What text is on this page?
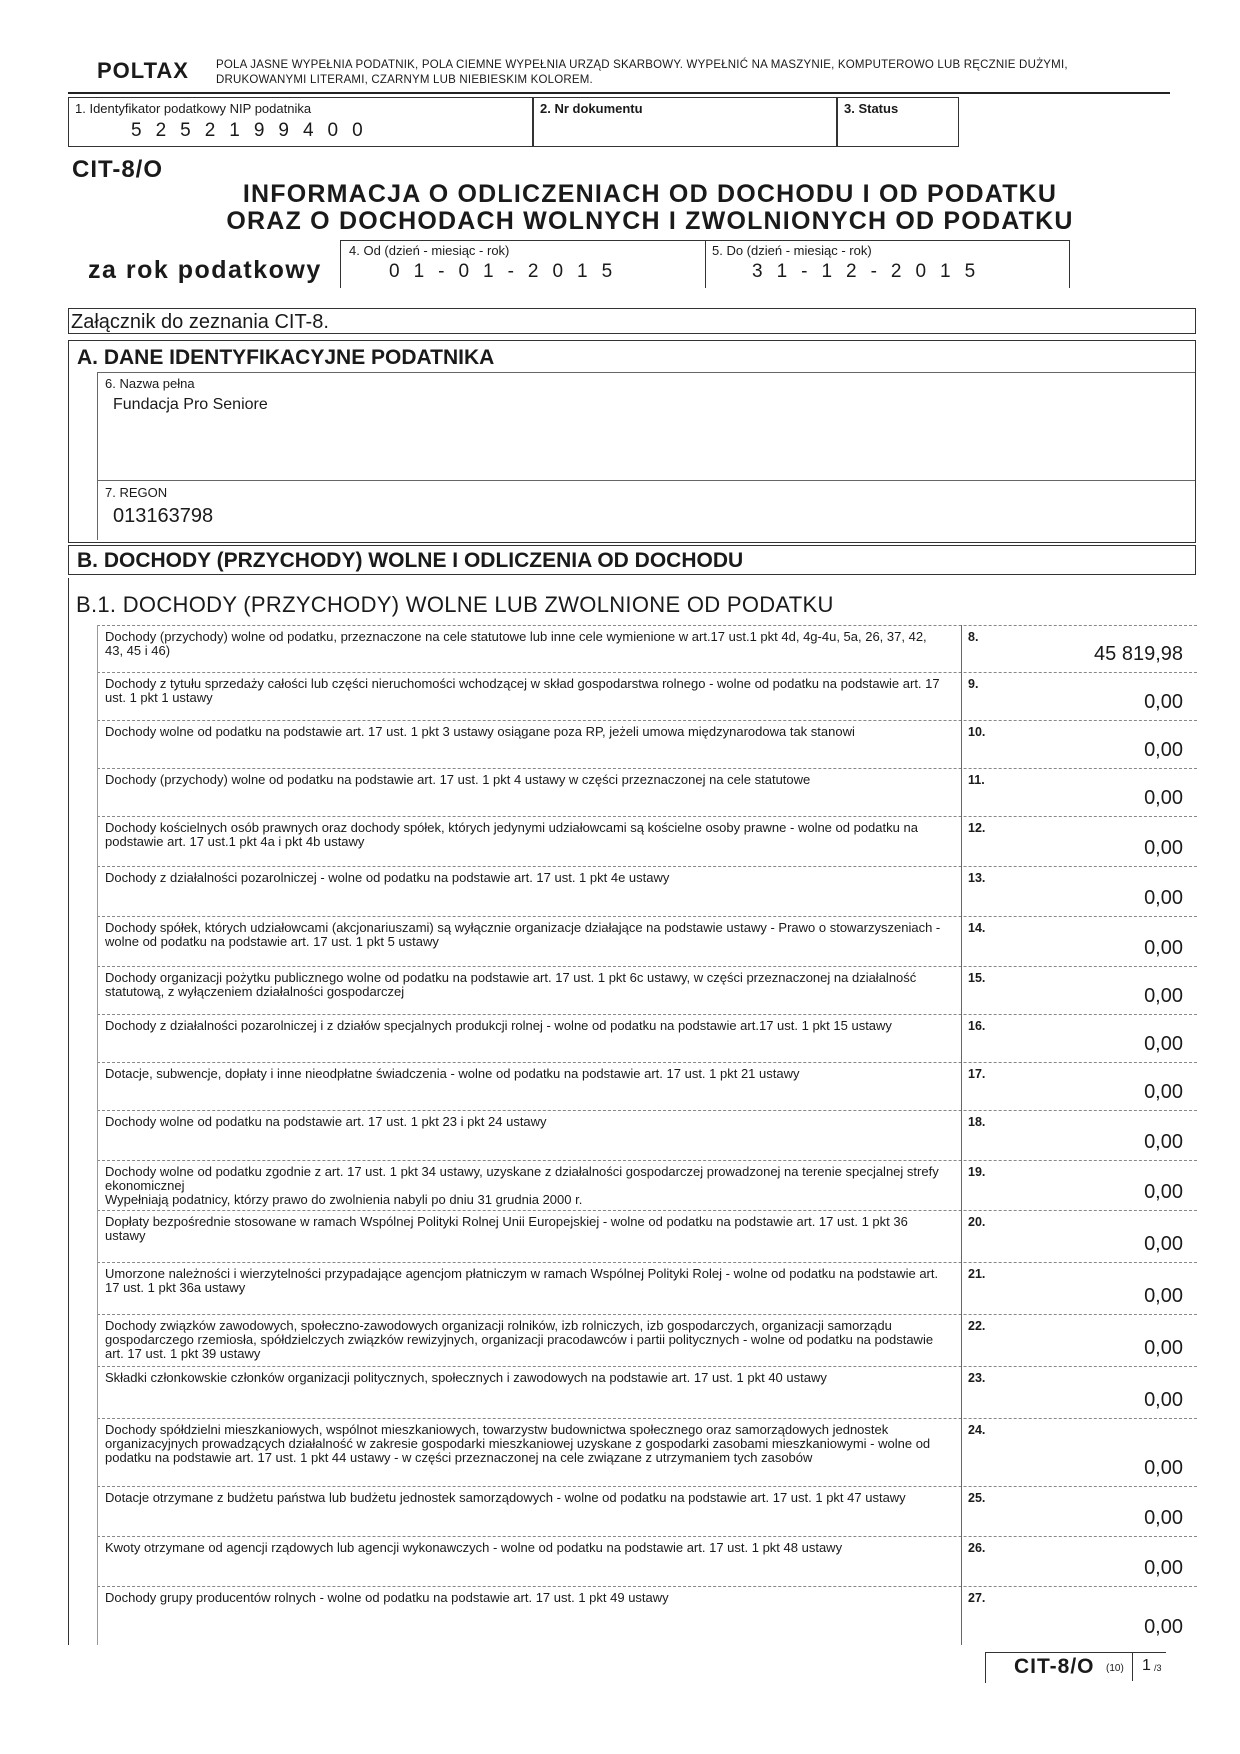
POLTAX POLA JASNE WYPEŁNIA PODATNIK, POLA CIEMNE WYPEŁNIA URZĄD SKARBOWY. WYPEŁNIĆ NA MASZYNIE, KOMPUTEROWO LUB RĘCZNIE DUŻYMI, DRUKOWANYMI LITERAMI, CZARNYM LUB NIEBIESKIM KOLOREM.
1. Identyfikator podatkowy NIP podatnika
5252199400
2. Nr dokumentu	3. Status
CIT-8/O
INFORMACJA O ODLICZENIACH OD DOCHODU I OD PODATKU
ORAZ O DOCHODACH WOLNYCH I ZWOLNIONYCH OD PODATKU
za rok podatkowy
4. Od (dzień - miesiąc - rok)
01-01-2015
5. Do (dzień - miesiąc - rok)
31-12-2015
Załącznik do zeznania CIT-8.
A. DANE IDENTYFIKACYJNE PODATNIKA
6. Nazwa pełna
Fundacja Pro Seniore
7. REGON
013163798
B. DOCHODY (PRZYCHODY) WOLNE I ODLICZENIA OD DOCHODU
B.1. DOCHODY (PRZYCHODY) WOLNE LUB ZWOLNIONE OD PODATKU
Dochody (przychody) wolne od podatku, przeznaczone na cele statutowe lub inne cele wymienione w art.17 ust.1 pkt 4d, 4g-4u, 5a, 26, 37, 42, 43, 45 i 46)
8.
45 819,98
Dochody z tytułu sprzedaży całości lub części nieruchomości wchodzącej w skład gospodarstwa rolnego - wolne od podatku na podstawie art. 17 ust. 1 pkt 1 ustawy
9.
0,00
Dochody wolne od podatku na podstawie art. 17 ust. 1 pkt 3 ustawy osiągane poza RP, jeżeli umowa międzynarodowa tak stanowi	10.
0,00
Dochody (przychody) wolne od podatku na podstawie art. 17 ust. 1 pkt 4 ustawy w części przeznaczonej na cele statutowe	11.
0,00
Dochody kościelnych osób prawnych oraz dochody spółek, których jedynymi udziałowcami są kościelne osoby prawne - wolne od podatku na podstawie art. 17 ust.1 pkt 4a i pkt 4b ustawy
12.
0,00
Dochody z działalności pozarolniczej - wolne od podatku na podstawie art. 17 ust. 1 pkt 4e ustawy	13.
0,00
Dochody spółek, których udziałowcami (akcjonariuszami) są wyłącznie organizacje działające na podstawie ustawy - Prawo o stowarzyszeniach - wolne od podatku na podstawie art. 17 ust. 1 pkt 5 ustawy
14.
0,00
Dochody organizacji pożytku publicznego wolne od podatku na podstawie art. 17 ust. 1 pkt 6c ustawy, w części przeznaczonej na działalność statutową, z wyłączeniem działalności gospodarczej
15.
0,00
Dochody z działalności pozarolniczej i z działów specjalnych produkcji rolnej - wolne od podatku na podstawie art.17 ust. 1 pkt 15 ustawy	16.
0,00
Dotacje, subwencje, dopłaty i inne nieodpłatne świadczenia - wolne od podatku na podstawie art. 17 ust. 1 pkt 21 ustawy	17.
0,00
Dochody wolne od podatku na podstawie art. 17 ust. 1 pkt 23 i pkt 24 ustawy	18.
0,00
Dochody wolne od podatku zgodnie z art. 17 ust. 1 pkt 34 ustawy, uzyskane z działalności gospodarczej prowadzonej na terenie specjalnej strefy ekonomicznej
Wypełniają podatnicy, którzy prawo do zwolnienia nabyli po dniu 31 grudnia 2000 r.
19.
0,00
Dopłaty bezpośrednie stosowane w ramach Wspólnej Polityki Rolnej Unii Europejskiej - wolne od podatku na podstawie art. 17 ust. 1 pkt 36 ustawy
20.
0,00
Umorzone należności i wierzytelności przypadające agencjom płatniczym w ramach Wspólnej Polityki Rolej - wolne od podatku na podstawie art. 17 ust. 1 pkt 36a ustawy
21.
0,00
Dochody związków zawodowych, społeczno-zawodowych organizacji rolników, izb rolniczych, izb gospodarczych, organizacji samorządu gospodarczego rzemiosła, spółdzielczych związków rewizyjnych, organizacji pracodawców i partii politycznych - wolne od podatku na podstawie art. 17 ust. 1 pkt 39 ustawy
22.
0,00
Składki członkowskie członków organizacji politycznych, społecznych i zawodowych na podstawie art. 17 ust. 1 pkt 40 ustawy	23.
0,00
Dochody spółdzielni mieszkaniowych, wspólnot mieszkaniowych, towarzystw budownictwa społecznego oraz samorządowych jednostek organizacyjnych prowadzących działalność w zakresie gospodarki mieszkaniowej uzyskane z gospodarki zasobami mieszkaniowymi - wolne od podatku na podstawie art. 17 ust. 1 pkt 44 ustawy - w części przeznaczonej na cele związane z utrzymaniem tych zasobów
24.
0,00
Dotacje otrzymane z budżetu państwa lub budżetu jednostek samorządowych - wolne od podatku na podstawie art. 17 ust. 1 pkt 47 ustawy	25.
0,00
Kwoty otrzymane od agencji rządowych lub agencji wykonawczych - wolne od podatku na podstawie art. 17 ust. 1 pkt 48 ustawy	26.
0,00
Dochody grupy producentów rolnych - wolne od podatku na podstawie art. 17 ust. 1 pkt 49 ustawy	27.
0,00
CIT-8/O (10) 1 /3
